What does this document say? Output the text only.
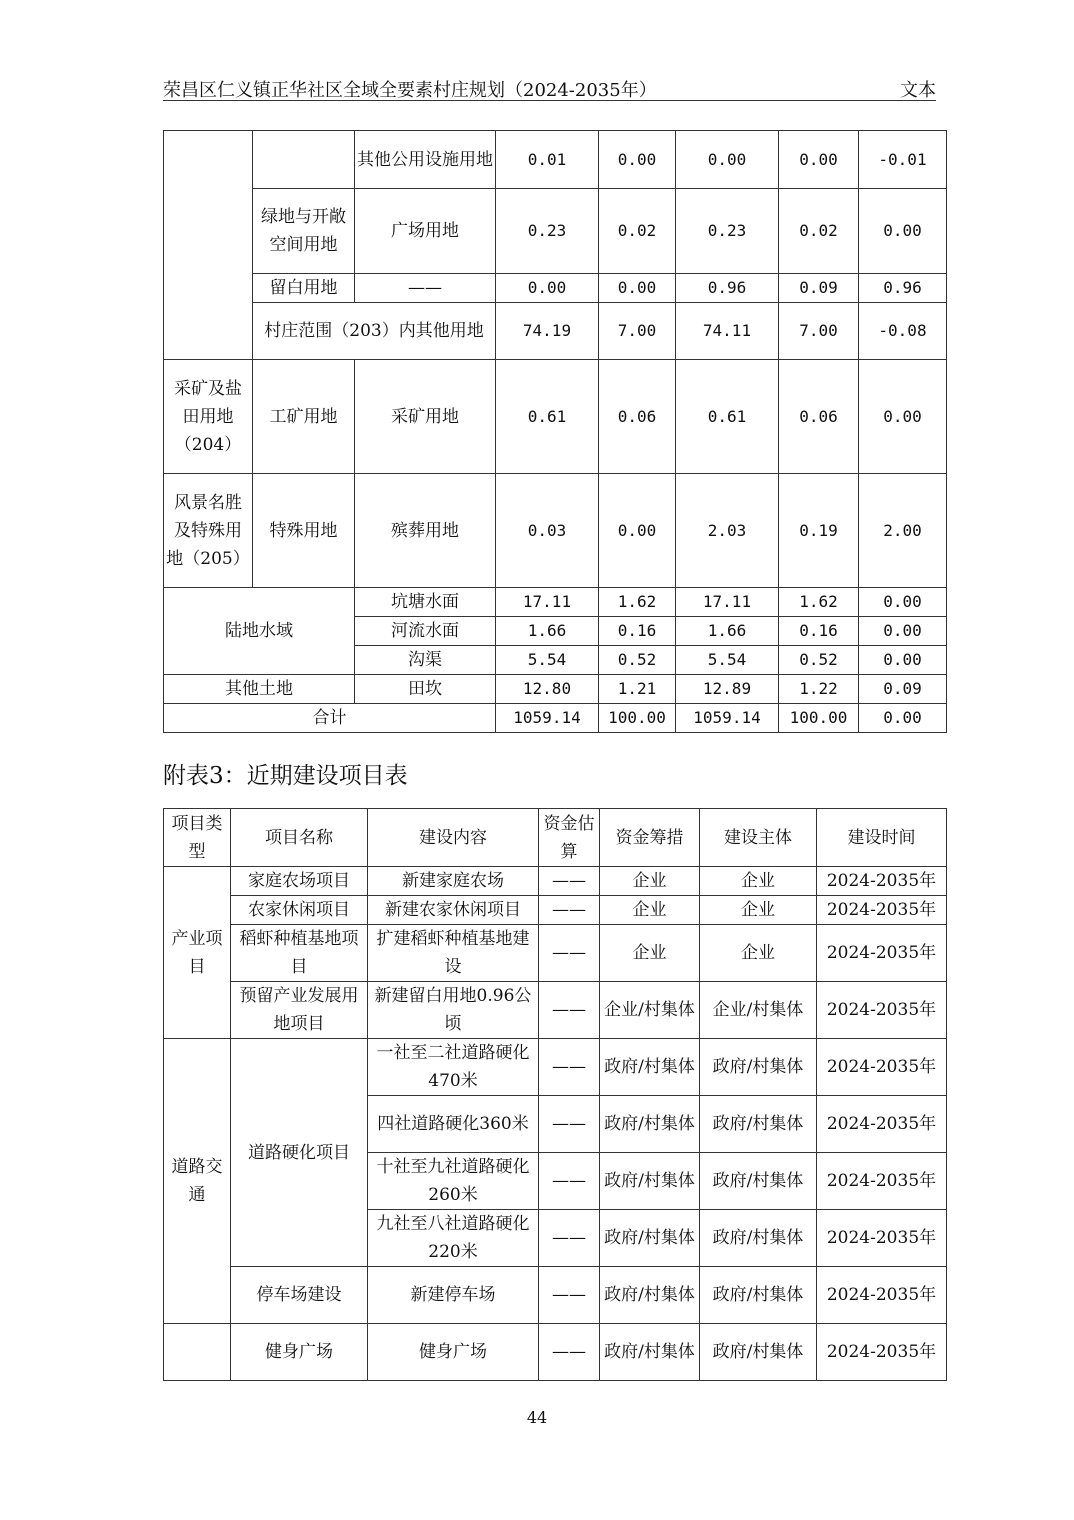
荣昌区仁义镇正华社区全域全要素村庄规划（2024-2035年）	文本
		其他公用设施用地	0.01	0.00	0.00	0.00	-0.01
	绿地与开敞空间用地	广场用地	0.23	0.02	0.23	0.02	0.00
	留白用地	——	0.00	0.00	0.96	0.09	0.96
	村庄范围（203）内其他用地		74.19	7.00	74.11	7.00	-0.08
采矿及盐田用地（204）	工矿用地	采矿用地	0.61	0.06	0.61	0.06	0.00
风景名胜及特殊用地（205）	特殊用地	殡葬用地	0.03	0.00	2.03	0.19	2.00
陆地水域		坑塘水面	17.11	1.62	17.11	1.62	0.00
		河流水面	1.66	0.16	1.66	0.16	0.00
		沟渠	5.54	0.52	5.54	0.52	0.00
其他土地		田坎	12.80	1.21	12.89	1.22	0.09
合计			1059.14	100.00	1059.14	100.00	0.00
附表3：近期建设项目表
项目类型	项目名称	建设内容	资金估算	资金筹措	建设主体	建设时间
产业项目	家庭农场项目	新建家庭农场	——	企业	企业	2024-2035年
	农家休闲项目	新建农家休闲项目	——	企业	企业	2024-2035年
	稻虾种植基地项目	扩建稻虾种植基地建设	——	企业	企业	2024-2035年
	预留产业发展用地项目	新建留白用地0.96公顷	——	企业/村集体	企业/村集体	2024-2035年
道路交通	道路硬化项目	一社至二社道路硬化470米	——	政府/村集体	政府/村集体	2024-2035年
		四社道路硬化360米	——	政府/村集体	政府/村集体	2024-2035年
		十社至九社道路硬化260米	——	政府/村集体	政府/村集体	2024-2035年
		九社至八社道路硬化220米	——	政府/村集体	政府/村集体	2024-2035年
	停车场建设	新建停车场	——	政府/村集体	政府/村集体	2024-2035年
	健身广场	健身广场	——	政府/村集体	政府/村集体	2024-2035年
44
